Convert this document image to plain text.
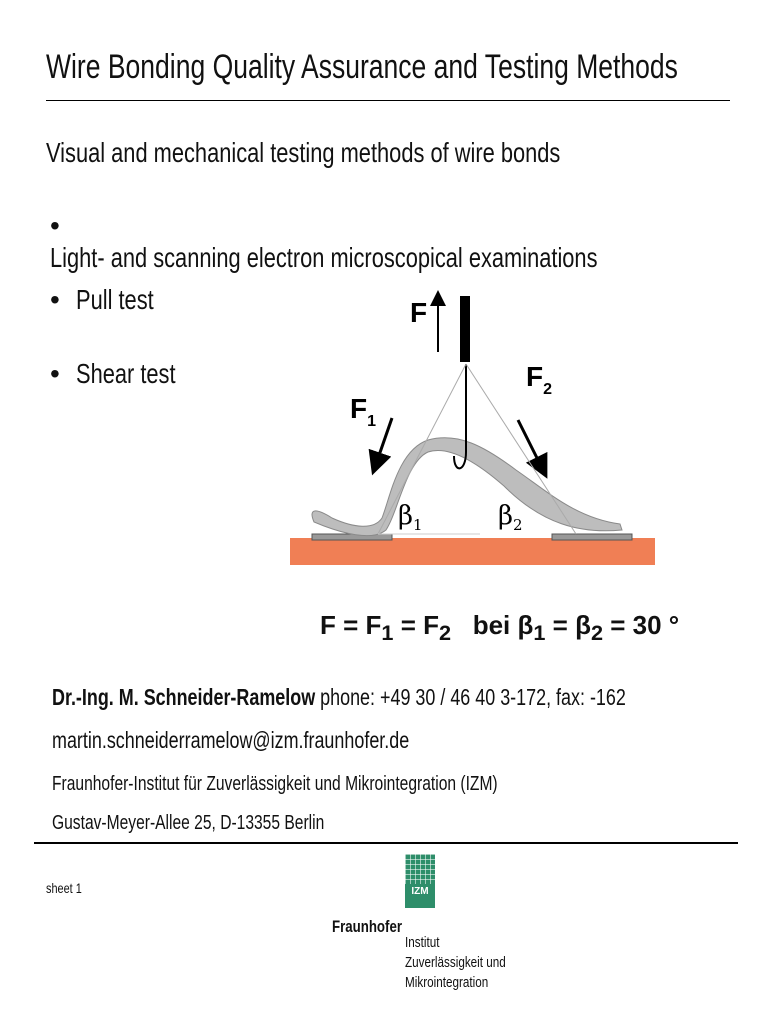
Wire Bonding Quality Assurance and Testing Methods
Visual and mechanical testing methods of wire bonds
•Light- and scanning electron microscopical examinations
• Pull test
• Shear test
F
$F_1$
$F_2$
$\beta_1$	$\beta_2$
$F = F_1 = F_2$ bei $\beta_1 = \beta_2 = 30$ °
Dr.-Ing. M. Schneider-Ramelow phone: +49 30 / 46 40 3-172, fax: -162
martin.schneiderramelow@izm.fraunhofer.de
Fraunhofer-Institut für Zuverlässigkeit und Mikrointegration (IZM)
Gustav-Meyer-Allee 25, D-13355 Berlin
sheet 1	IZM
Fraunhofer
Institut
Zuverlässigkeit und
Mikrointegration
